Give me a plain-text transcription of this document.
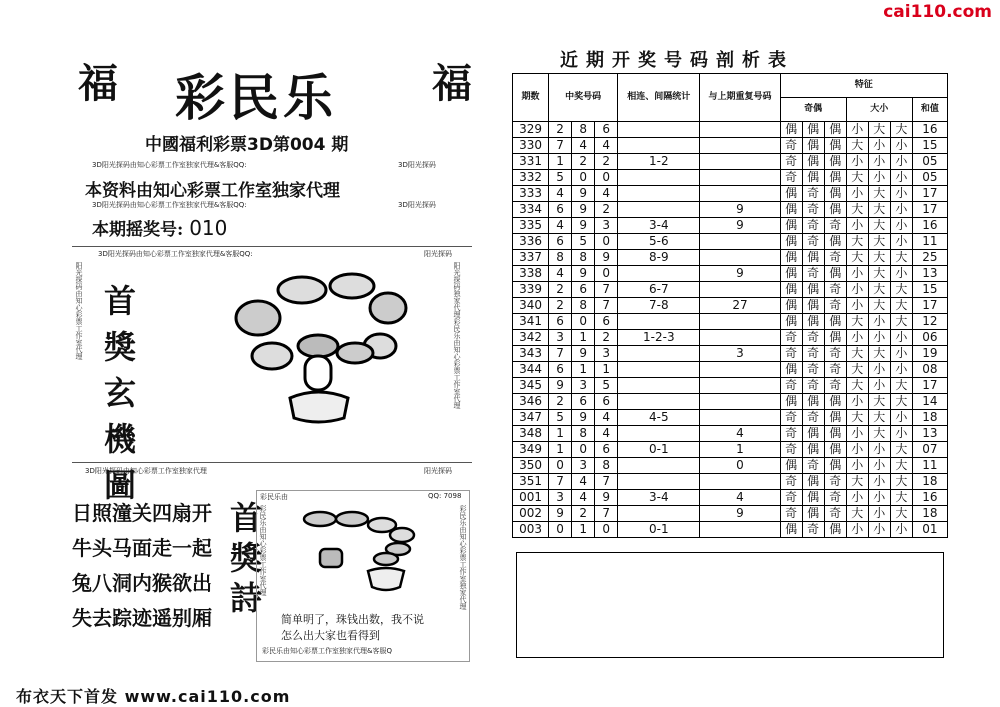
cai110.com
福	福
彩民乐
中國福利彩票3D第004 期
3D阳光探码由知心彩票工作室独家代理&客服QQ:	3D阳光探码
本资料由知心彩票工作室独家代理
3D阳光探码由知心彩票工作室独家代理&客服QQ:	3D阳光探码
本期摇奖号: 010
3D阳光探码由知心彩票工作室独家代理&客服QQ:	阳光探码
阳光探码由知心彩票工作室代理	阳光探码独家代理彩民乐由知心彩票工作室代理
首
獎
玄
機
圖
3D阳光探码由知心彩票工作室独家代理	阳光探码
日照潼关四扇开
牛头马面走一起
兔八洞内猴欲出
失去踪迹遥别厢
首
獎
詩
彩民乐由	QQ: 7098
彩民乐由知心彩票工作室代理	彩民乐由知心彩票工作室独家代理
简单明了，珠钱出数，我不说
怎么出大家也看得到
彩民乐由知心彩票工作室独家代理&客服Q
布衣天下首发 www.cai110.com
近期开奖号码剖析表
期数	中奖号码			相连、间隔统计	与上期重复号码	特征						
						奇偶			大小			和值
329	2	8	6			偶	偶	偶	小	大	大	16
330	7	4	4			奇	偶	偶	大	小	小	15
331	1	2	2	1-2		奇	偶	偶	小	小	小	05
332	5	0	0			奇	偶	偶	大	小	小	05
333	4	9	4			偶	奇	偶	小	大	小	17
334	6	9	2		9	偶	奇	偶	大	大	小	17
335	4	9	3	3-4	9	偶	奇	奇	小	大	小	16
336	6	5	0	5-6		偶	奇	偶	大	大	小	11
337	8	8	9	8-9		偶	偶	奇	大	大	大	25
338	4	9	0		9	偶	奇	偶	小	大	小	13
339	2	6	7	6-7		偶	偶	奇	小	大	大	15
340	2	8	7	7-8	27	偶	偶	奇	小	大	大	17
341	6	0	6			偶	偶	偶	大	小	大	12
342	3	1	2	1-2-3		奇	奇	偶	小	小	小	06
343	7	9	3		3	奇	奇	奇	大	大	小	19
344	6	1	1			偶	奇	奇	大	小	小	08
345	9	3	5			奇	奇	奇	大	小	大	17
346	2	6	6			偶	偶	偶	小	大	大	14
347	5	9	4	4-5		奇	奇	偶	大	大	小	18
348	1	8	4		4	奇	偶	偶	小	大	小	13
349	1	0	6	0-1	1	奇	偶	偶	小	小	大	07
350	0	3	8		0	偶	奇	偶	小	小	大	11
351	7	4	7			奇	偶	奇	大	小	大	18
001	3	4	9	3-4	4	奇	偶	奇	小	小	大	16
002	9	2	7		9	奇	偶	奇	大	小	大	18
003	0	1	0	0-1		偶	奇	偶	小	小	小	01
